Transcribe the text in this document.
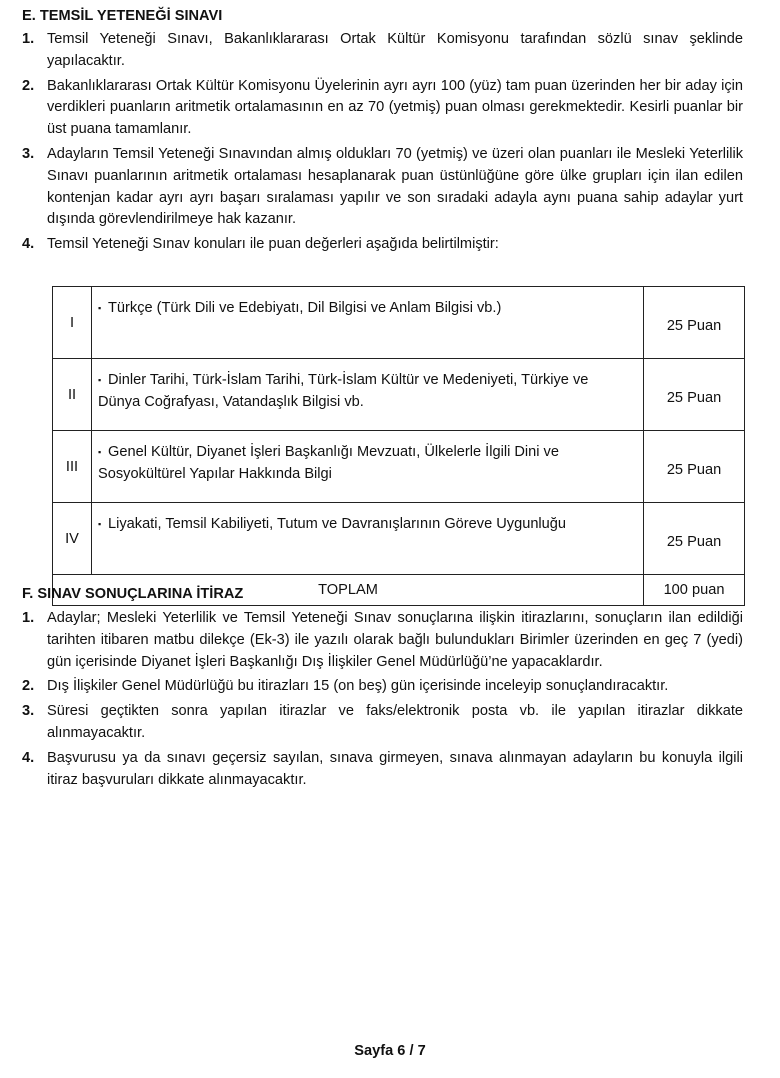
E. TEMSİL YETENEĞİ SINAVI
1. Temsil Yeteneği Sınavı, Bakanlıklararası Ortak Kültür Komisyonu tarafından sözlü sınav şeklinde yapılacaktır.
2. Bakanlıklararası Ortak Kültür Komisyonu Üyelerinin ayrı ayrı 100 (yüz) tam puan üzerinden her bir aday için verdikleri puanların aritmetik ortalamasının en az 70 (yetmiş) puan olması gerekmektedir. Kesirli puanlar bir üst puana tamamlanır.
3. Adayların Temsil Yeteneği Sınavından almış oldukları 70 (yetmiş) ve üzeri olan puanları ile Mesleki Yeterlilik Sınavı puanlarının aritmetik ortalaması hesaplanarak puan üstünlüğüne göre ülke grupları için ilan edilen kontenjan kadar ayrı ayrı başarı sıralaması yapılır ve son sıradaki adayla aynı puana sahip adaylar yurt dışında görevlendirilmeye hak kazanır.
4. Temsil Yeteneği Sınav konuları ile puan değerleri aşağıda belirtilmiştir:
I	▪ Türkçe (Türk Dili ve Edebiyatı, Dil Bilgisi ve Anlam Bilgisi vb.)	25 Puan
II	▪ Dinler Tarihi, Türk-İslam Tarihi, Türk-İslam Kültür ve Medeniyeti, Türkiye ve Dünya Coğrafyası, Vatandaşlık Bilgisi vb.	25 Puan
III	▪ Genel Kültür, Diyanet İşleri Başkanlığı Mevzuatı, Ülkelerle İlgili Dini ve Sosyokültürel Yapılar Hakkında Bilgi	25 Puan
IV	▪ Liyakati, Temsil Kabiliyeti, Tutum ve Davranışlarının Göreve Uygunluğu	25 Puan
TOPLAM		100 puan
F. SINAV SONUÇLARINA İTİRAZ
1. Adaylar; Mesleki Yeterlilik ve Temsil Yeteneği Sınav sonuçlarına ilişkin itirazlarını, sonuçların ilan edildiği tarihten itibaren matbu dilekçe (Ek-3) ile yazılı olarak bağlı bulundukları Birimler üzerinden en geç 7 (yedi) gün içerisinde Diyanet İşleri Başkanlığı Dış İlişkiler Genel Müdürlüğü’ne yapacaklardır.
2. Dış İlişkiler Genel Müdürlüğü bu itirazları 15 (on beş) gün içerisinde inceleyip sonuçlandıracaktır.
3. Süresi geçtikten sonra yapılan itirazlar ve faks/elektronik posta vb. ile yapılan itirazlar dikkate alınmayacaktır.
4. Başvurusu ya da sınavı geçersiz sayılan, sınava girmeyen, sınava alınmayan adayların bu konuyla ilgili itiraz başvuruları dikkate alınmayacaktır.
Sayfa 6 / 7
